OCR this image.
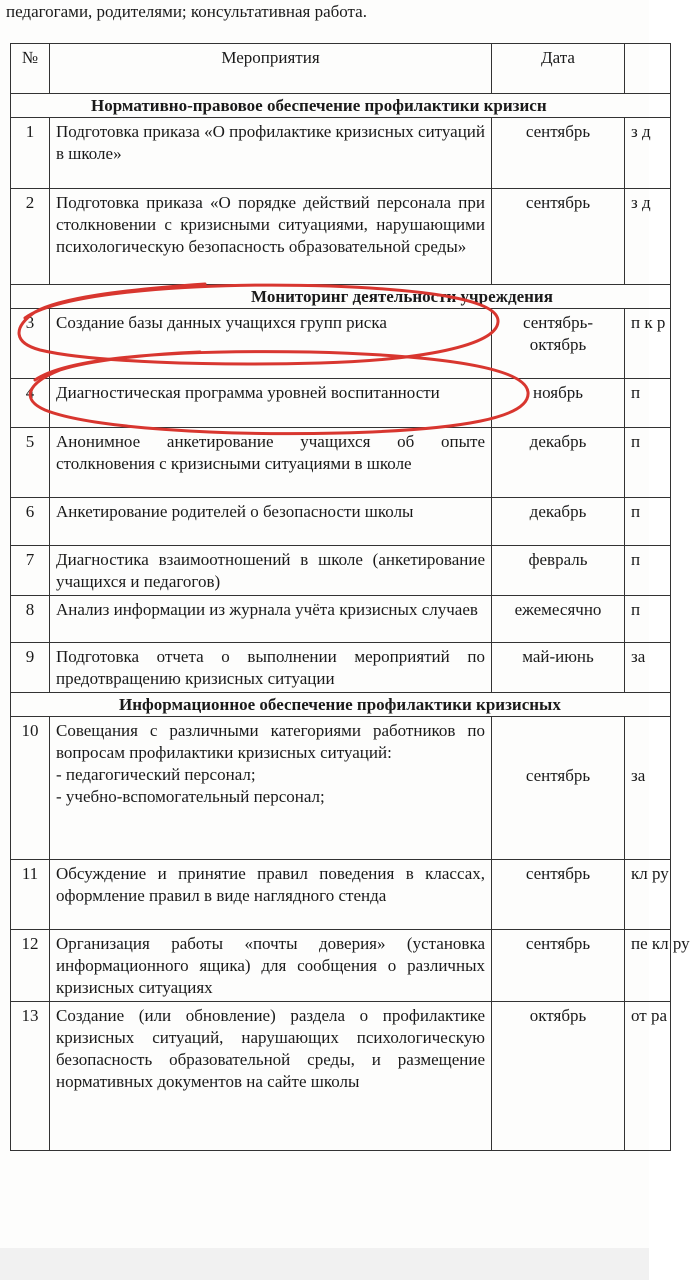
педагогами, родителями; консультативная работа.
№	Мероприятия	Дата	
Нормативно-правовое обеспечение профилактики кризисн			
1	Подготовка приказа «О профилактике кризисных ситуаций в школе»	сентябрь	з д
2	Подготовка приказа «О порядке действий персонала при столкновении с кризисными ситуациями, нарушающими психологическую безопасность образовательной среды»	сентябрь	з д
Мониторинг деятельности учреждения			
3	Создание базы данных учащихся групп риска	сентябрь-октябрь	п к р
4	Диагностическая программа уровней воспитанности	ноябрь	п
5	Анонимное анкетирование учащихся об опыте столкновения с кризисными ситуациями в школе	декабрь	п
6	Анкетирование родителей о безопасности школы	декабрь	п
7	Диагностика взаимоотношений в школе (анкетирование учащихся и педагогов)	февраль	п
8	Анализ информации из журнала учёта кризисных случаев	ежемесячно	п
9	Подготовка отчета о выполнении мероприятий по предотвращению кризисных ситуации	май-июнь	за
Информационное обеспечение профилактики кризисных			
10	Совещания с различными категориями работников по вопросам профилактики кризисных ситуаций:
- педагогический персонал;
- учебно-вспомогательный персонал;	сентябрь	за
11	Обсуждение и принятие правил поведения в классах, оформление правил в виде наглядного стенда	сентябрь	кл ру
12	Организация работы «почты доверия» (установка информационного ящика) для сообщения о различных кризисных ситуациях	сентябрь	пе кл ру
13	Создание (или обновление) раздела о профилактике кризисных ситуаций, нарушающих психологическую безопасность образовательной среды, и размещение нормативных документов на сайте школы	октябрь	от ра
